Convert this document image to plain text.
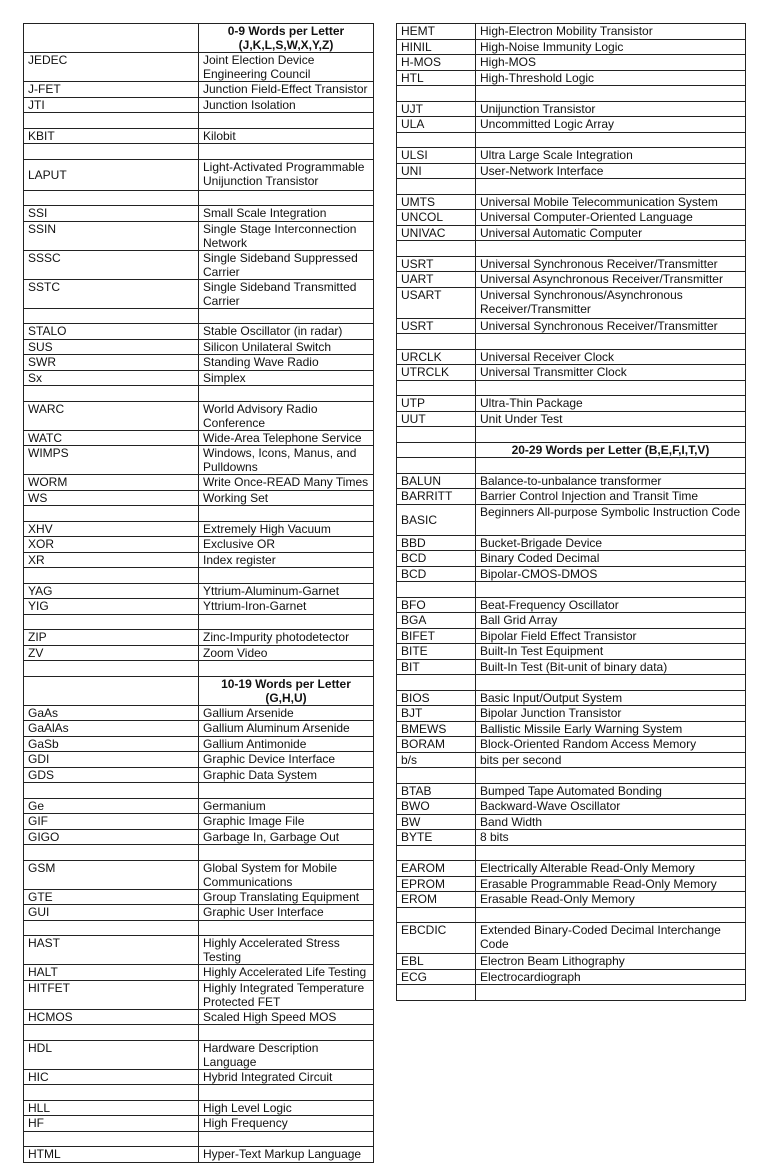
	0-9 Words per Letter (J,K,L,S,W,X,Y,Z)
JEDEC	Joint Election Device Engineering Council
J-FET	Junction Field-Effect Transistor
JTI	Junction Isolation

KBIT	Kilobit

LAPUT	Light-Activated Programmable Unijunction Transistor

SSI	Small Scale Integration
SSIN	Single Stage Interconnection Network
SSSC	Single Sideband Suppressed Carrier
SSTC	Single Sideband Transmitted Carrier

STALO	Stable Oscillator (in radar)
SUS	Silicon Unilateral Switch
SWR	Standing Wave Radio
Sx	Simplex

WARC	World Advisory Radio Conference
WATC	Wide-Area Telephone Service
WIMPS	Windows, Icons, Manus, and Pulldowns
WORM	Write Once-READ Many Times
WS	Working Set

XHV	Extremely High Vacuum
XOR	Exclusive OR
XR	Index register

YAG	Yttrium-Aluminum-Garnet
YIG	Yttrium-Iron-Garnet

ZIP	Zinc-Impurity photodetector
ZV	Zoom Video

	10-19 Words per Letter (G,H,U)
GaAs	Gallium Arsenide
GaAlAs	Gallium Aluminum Arsenide
GaSb	Gallium Antimonide
GDI	Graphic Device Interface
GDS	Graphic Data System

Ge	Germanium
GIF	Graphic Image File
GIGO	Garbage In, Garbage Out

GSM	Global System for Mobile Communications
GTE	Group Translating Equipment
GUI	Graphic User Interface

HAST	Highly Accelerated Stress Testing
HALT	Highly Accelerated Life Testing
HITFET	Highly Integrated Temperature Protected FET
HCMOS	Scaled High Speed MOS

HDL	Hardware Description Language
HIC	Hybrid Integrated Circuit

HLL	High Level Logic
HF	High Frequency

HTML	Hyper-Text Markup Language
HEMT	High-Electron Mobility Transistor
HINIL	High-Noise Immunity Logic
H-MOS	High-MOS
HTL	High-Threshold Logic

UJT	Unijunction Transistor
ULA	Uncommitted Logic Array

ULSI	Ultra Large Scale Integration
UNI	User-Network Interface

UMTS	Universal Mobile Telecommunication System
UNCOL	Universal Computer-Oriented Language
UNIVAC	Universal Automatic Computer

USRT	Universal Synchronous Receiver/Transmitter
UART	Universal Asynchronous Receiver/Transmitter
USART	Universal Synchronous/Asynchronous Receiver/Transmitter
USRT	Universal Synchronous Receiver/Transmitter

URCLK	Universal Receiver Clock
UTRCLK	Universal Transmitter Clock

UTP	Ultra-Thin Package
UUT	Unit Under Test

	20-29 Words per Letter (B,E,F,I,T,V)

BALUN	Balance-to-unbalance transformer
BARRITT	Barrier Control Injection and Transit Time
BASIC	Beginners All-purpose Symbolic Instruction Code
BBD	Bucket-Brigade Device
BCD	Binary Coded Decimal
BCD	Bipolar-CMOS-DMOS

BFO	Beat-Frequency Oscillator
BGA	Ball Grid Array
BIFET	Bipolar Field Effect Transistor
BITE	Built-In Test Equipment
BIT	Built-In Test (Bit-unit of binary data)

BIOS	Basic Input/Output System
BJT	Bipolar Junction Transistor
BMEWS	Ballistic Missile Early Warning System
BORAM	Block-Oriented Random Access Memory
b/s	bits per second

BTAB	Bumped Tape Automated Bonding
BWO	Backward-Wave Oscillator
BW	Band Width
BYTE	8 bits

EAROM	Electrically Alterable Read-Only Memory
EPROM	Erasable Programmable Read-Only Memory
EROM	Erasable Read-Only Memory

EBCDIC	Extended Binary-Coded Decimal Interchange Code
EBL	Electron Beam Lithography
ECG	Electrocardiograph
